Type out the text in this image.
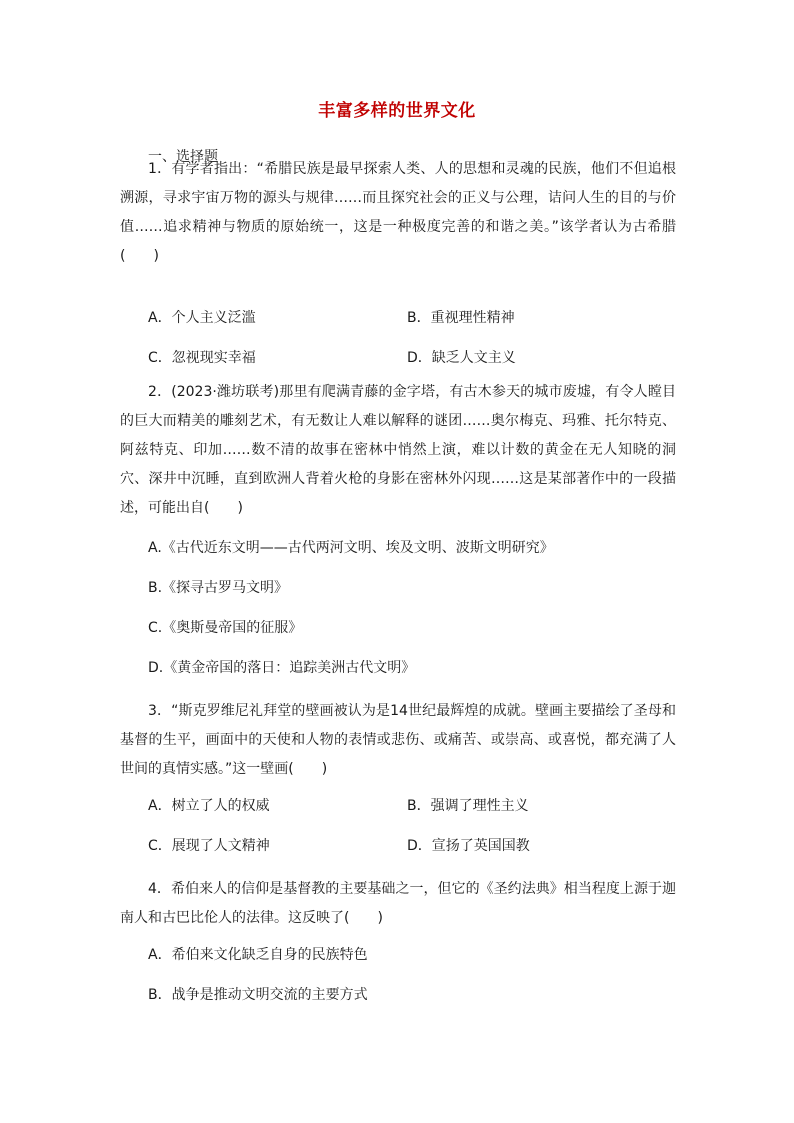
丰富多样的世界文化
一、选择题
1．有学者指出：“希腊民族是最早探索人类、人的思想和灵魂的民族，他们不但追根溯源，寻求宇宙万物的源头与规律……而且探究社会的正义与公理，诘问人生的目的与价值……追求精神与物质的原始统一，这是一种极度完善的和谐之美。”该学者认为古希腊(　　)
A．个人主义泛滥	B．重视理性精神
C．忽视现实幸福	D．缺乏人文主义
2．(2023·潍坊联考)那里有爬满青藤的金字塔，有古木参天的城市废墟，有令人瞠目的巨大而精美的雕刻艺术，有无数让人难以解释的谜团……奥尔梅克、玛雅、托尔特克、阿兹特克、印加……数不清的故事在密林中悄然上演，难以计数的黄金在无人知晓的洞穴、深井中沉睡，直到欧洲人背着火枪的身影在密林外闪现……这是某部著作中的一段描述，可能出自(　　)
A.《古代近东文明——古代两河文明、埃及文明、波斯文明研究》
B.《探寻古罗马文明》
C.《奥斯曼帝国的征服》
D.《黄金帝国的落日：追踪美洲古代文明》
3．“斯克罗维尼礼拜堂的壁画被认为是14世纪最辉煌的成就。壁画主要描绘了圣母和基督的生平，画面中的天使和人物的表情或悲伤、或痛苦、或崇高、或喜悦，都充满了人世间的真情实感。”这一壁画(　　)
A．树立了人的权威	B．强调了理性主义
C．展现了人文精神	D．宣扬了英国国教
4．希伯来人的信仰是基督教的主要基础之一，但它的《圣约法典》相当程度上源于迦南人和古巴比伦人的法律。这反映了(　　)
A．希伯来文化缺乏自身的民族特色
B．战争是推动文明交流的主要方式
